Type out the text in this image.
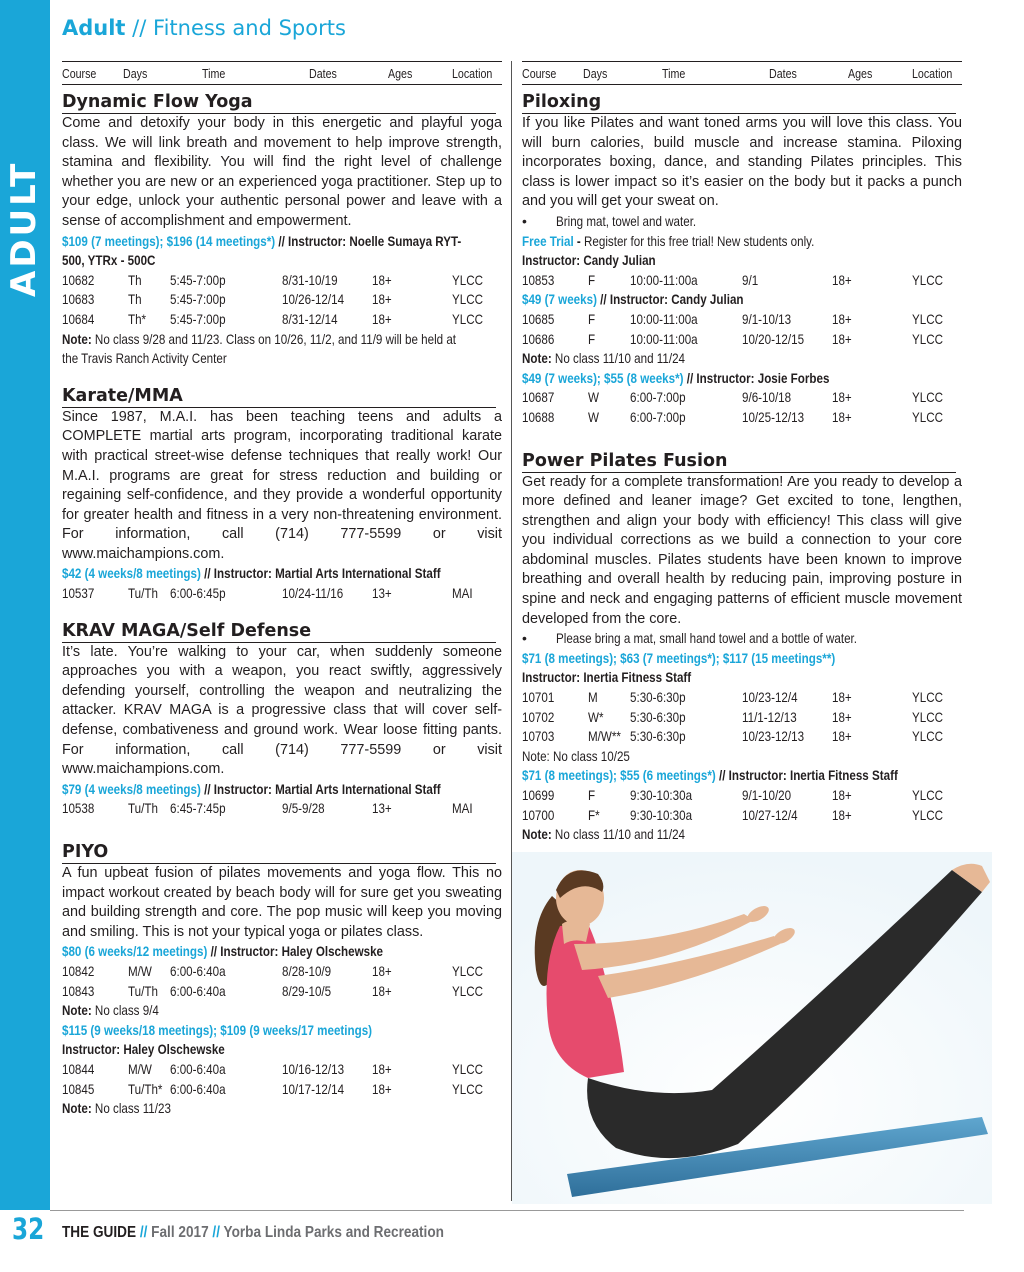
ADULT
Adult // Fitness and Sports
Course	Days	Time	Dates	Ages	Location
Dynamic Flow Yoga
Come and detoxify your body in this energetic and playful yoga class. We will link breath and movement to help improve strength, stamina and flexibility. You will find the right level of challenge whether you are new or an experienced yoga practitioner. Step up to your edge, unlock your authentic personal power and leave with a sense of accomplishment and empowerment.
$109 (7 meetings); $196 (14 meetings*) // Instructor: Noelle Sumaya RYT-
500, YTRx - 500C
10682 Th 5:45-7:00p	8/31-10/19 18+	YLCC
10683 Th 5:45-7:00p	10/26-12/14 18+	YLCC
10684 Th* 5:45-7:00p	8/31-12/14 18+	YLCC
Note: No class 9/28 and 11/23. Class on 10/26, 11/2, and 11/9 will be held at
the Travis Ranch Activity Center
Karate/MMA
Since 1987, M.A.I. has been teaching teens and adults a COMPLETE martial arts program, incorporating traditional karate with practical street-wise defense techniques that really work! Our M.A.I. programs are great for stress reduction and building or regaining self-confidence, and they provide a wonderful opportunity for greater health and fitness in a very non-threatening environment. For information, call (714) 777-5599 or visit www.maichampions.com.
$42 (4 weeks/8 meetings) // Instructor: Martial Arts International Staff
10537 Tu/Th 6:00-6:45p	10/24-11/16 13+	MAI
KRAV MAGA/Self Defense
It’s late. You’re walking to your car, when suddenly someone approaches you with a weapon, you react swiftly, aggressively defending yourself, controlling the weapon and neutralizing the attacker. KRAV MAGA is a progressive class that will cover self-defense, combativeness and ground work. Wear loose fitting pants. For information, call (714) 777-5599 or visit www.maichampions.com.
$79 (4 weeks/8 meetings) // Instructor: Martial Arts International Staff
10538 Tu/Th 6:45-7:45p	9/5-9/28	13+	MAI
PIYO
A fun upbeat fusion of pilates movements and yoga flow. This no impact workout created by beach body will for sure get you sweating and building strength and core. The pop music will keep you moving and smiling. This is not your typical yoga or pilates class.
$80 (6 weeks/12 meetings) // Instructor: Haley Olschewske
10842 M/W 6:00-6:40a	8/28-10/9	18+	YLCC
10843 Tu/Th 6:00-6:40a	8/29-10/5	18+	YLCC
Note: No class 9/4
$115 (9 weeks/18 meetings); $109 (9 weeks/17 meetings)
Instructor: Haley Olschewske
10844 M/W 6:00-6:40a	10/16-12/13 18+	YLCC
10845 Tu/Th* 6:00-6:40a	10/17-12/14 18+	YLCC
Note: No class 11/23
Course	Days	Time	Dates	Ages	Location
Piloxing
If you like Pilates and want toned arms you will love this class. You will burn calories, build muscle and increase stamina. Piloxing incorporates boxing, dance, and standing Pilates principles. This class is lower impact so it’s easier on the body but it packs a punch and you will get your sweat on.
•	Bring mat, towel and water.
Free Trial - Register for this free trial! New students only.
Instructor: Candy Julian
10853 F 10:00-11:00a	9/1	18+	YLCC
$49 (7 weeks) // Instructor: Candy Julian
10685 F 10:00-11:00a	9/1-10/13	18+	YLCC
10686 F 10:00-11:00a	10/20-12/15 18+	YLCC
Note: No class 11/10 and 11/24
$49 (7 weeks); $55 (8 weeks*) // Instructor: Josie Forbes
10687 W 6:00-7:00p	9/6-10/18	18+	YLCC
10688 W 6:00-7:00p	10/25-12/13 18+	YLCC
Power Pilates Fusion
Get ready for a complete transformation! Are you ready to develop a more defined and leaner image? Get excited to tone, lengthen, strengthen and align your body with efficiency! This class will give you individual corrections as we build a connection to your core abdominal muscles. Pilates students have been known to improve breathing and overall health by reducing pain, improving posture in spine and neck and engaging patterns of efficient muscle movement developed from the core.
•	Please bring a mat, small hand towel and a bottle of water.
$71 (8 meetings); $63 (7 meetings*); $117 (15 meetings**)
Instructor: Inertia Fitness Staff
10701 M 5:30-6:30p	10/23-12/4 18+	YLCC
10702 W* 5:30-6:30p	11/1-12/13	18+	YLCC
10703 M/W** 5:30-6:30p	10/23-12/13 18+	YLCC
Note: No class 10/25
$71 (8 meetings); $55 (6 meetings*) // Instructor: Inertia Fitness Staff
10699 F 9:30-10:30a	9/1-10/20	18+	YLCC
10700 F* 9:30-10:30a	10/27-12/4 18+	YLCC
Note: No class 11/10 and 11/24
32 THE GUIDE // Fall 2017 // Yorba Linda Parks and Recreation
